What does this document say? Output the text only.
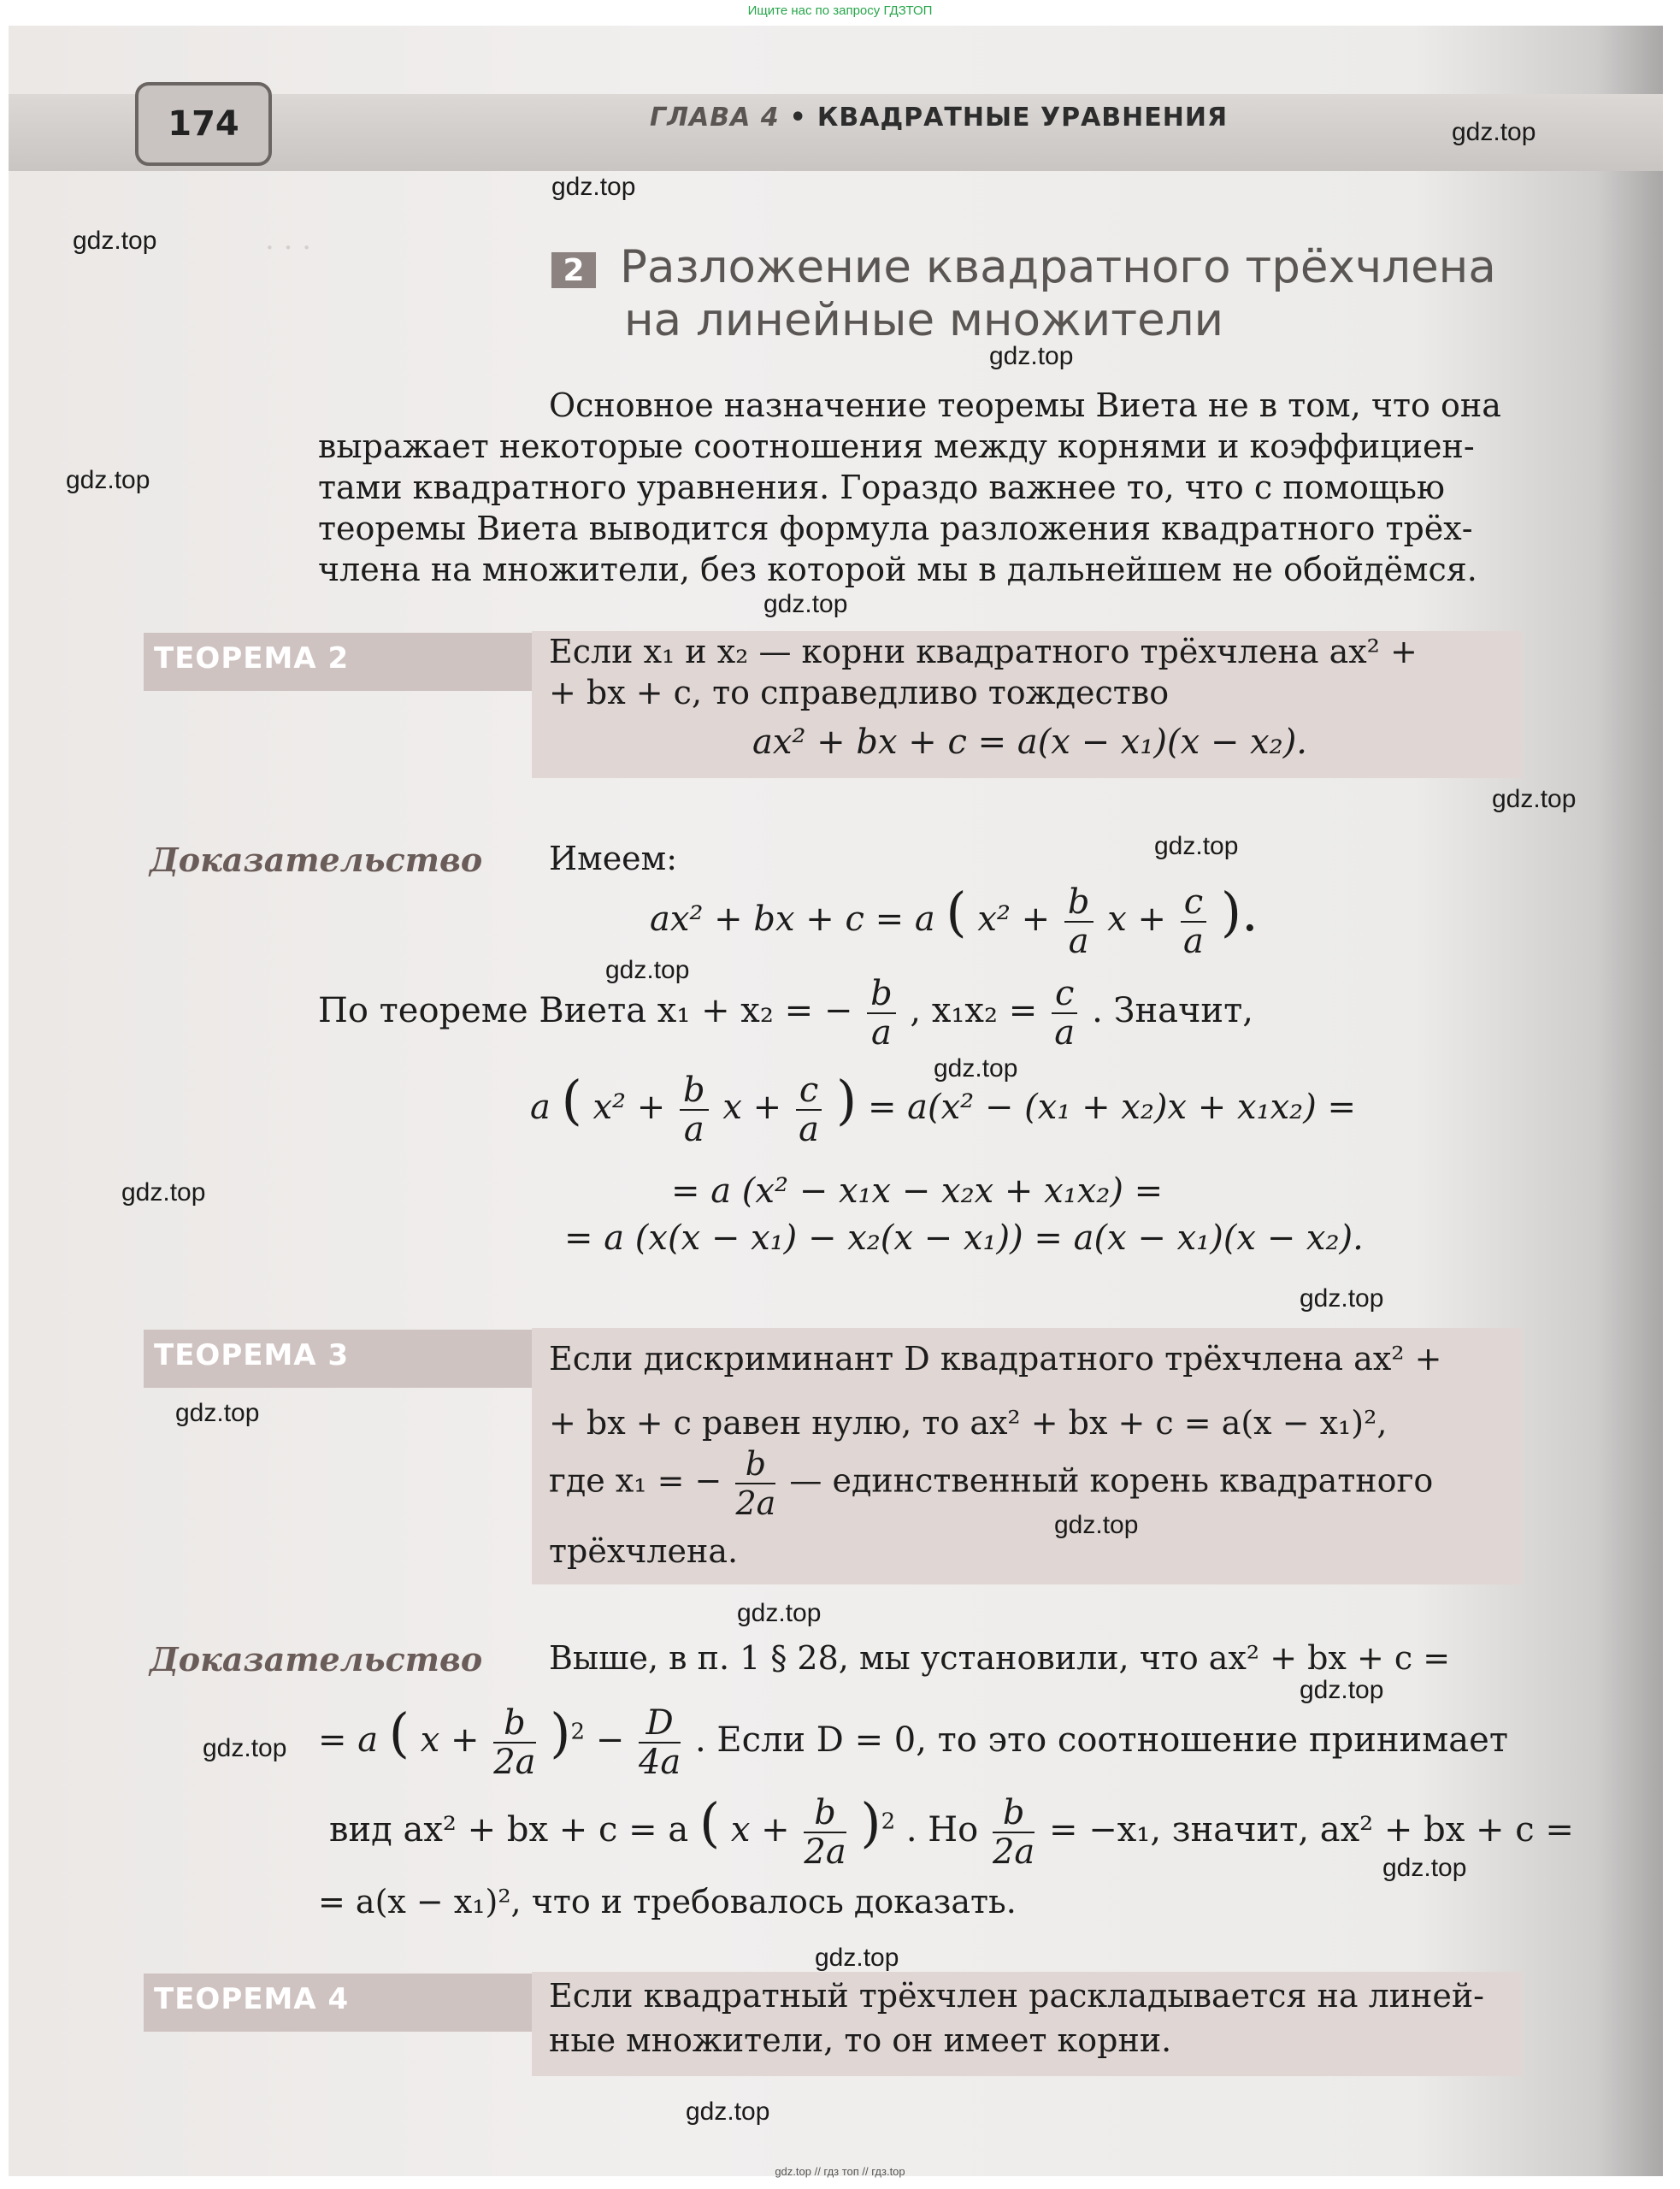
Ищите нас по запросу ГДЗТОП
· · ·
174	ГЛАВА 4 • КВАДРАТНЫЕ УРАВНЕНИЯ
2 Разложение квадратного трёхчлена
на линейные множители

Основное назначение теоремы Виета не в том, что она

выражает некоторые соотношения между корнями и коэффициен-

тами квадратного уравнения. Гораздо важнее то, что с помощью

теоремы Виета выводится формула разложения квадратного трёх-

члена на множители, без которой мы в дальнейшем не обойдёмся.

ТЕОРЕМА 2	Если x₁ и x₂ — корни квадратного трёхчлена ax² +
+ bx + c, то справедливо тождество
ax² + bx + c = a(x − x₁)(x − x₂).
Доказательство Имеем:
ax² + bx + c = a ( $x^2 + \frac{b}{a}$ $x + \frac{c}{a}$ ).
По теореме Виета x₁ + x₂ = − $\frac{b}{a}$ , $x_1x_2 = \frac{c}{a}$ . Значит,
a ( $x^2 + \frac{b}{a}$ $x + \frac{c}{a}$ ) = a(x² − (x₁ + x₂)x + x₁x₂) =
= a (x² − x₁x − x₂x + x₁x₂) =
= a (x(x − x₁) − x₂(x − x₁)) = a(x − x₁)(x − x₂).
ТЕОРЕМА 3	Если дискриминант D квадратного трёхчлена ax² +
+ bx + c равен нулю, то ax² + bx + c = a(x − x₁)²,
где x₁ = − $\frac{b}{2a}$ — единственный корень квадратного
трёхчлена.
Доказательство Выше, в п. 1 § 28, мы установили, что ax² + bx + c =
= a ( $x + \frac{b}{2a} )^2 - \frac{D}{4a}$ . Если D = 0, то это соотношение принимает
вид ax² + bx + c = a ( $x + \frac{b}{2a} )^2$ . Но $\frac{b}{2a} = -x_1$, значит, ax² + bx + c =
= a(x − x₁)², что и требовалось доказать.
ТЕОРЕМА 4	Если квадратный трёхчлен раскладывается на линей-
ные множители, то он имеет корни.
gdz.top
gdz.top
gdz.top
gdz.top
gdz.top
gdz.top
gdz.top
gdz.top
gdz.top
gdz.top
gdz.top
gdz.top
gdz.top
gdz.top
gdz.top
gdz.top
gdz.top
gdz.top
gdz.top
gdz.top
gdz.top // гдз топ // гдз.top
